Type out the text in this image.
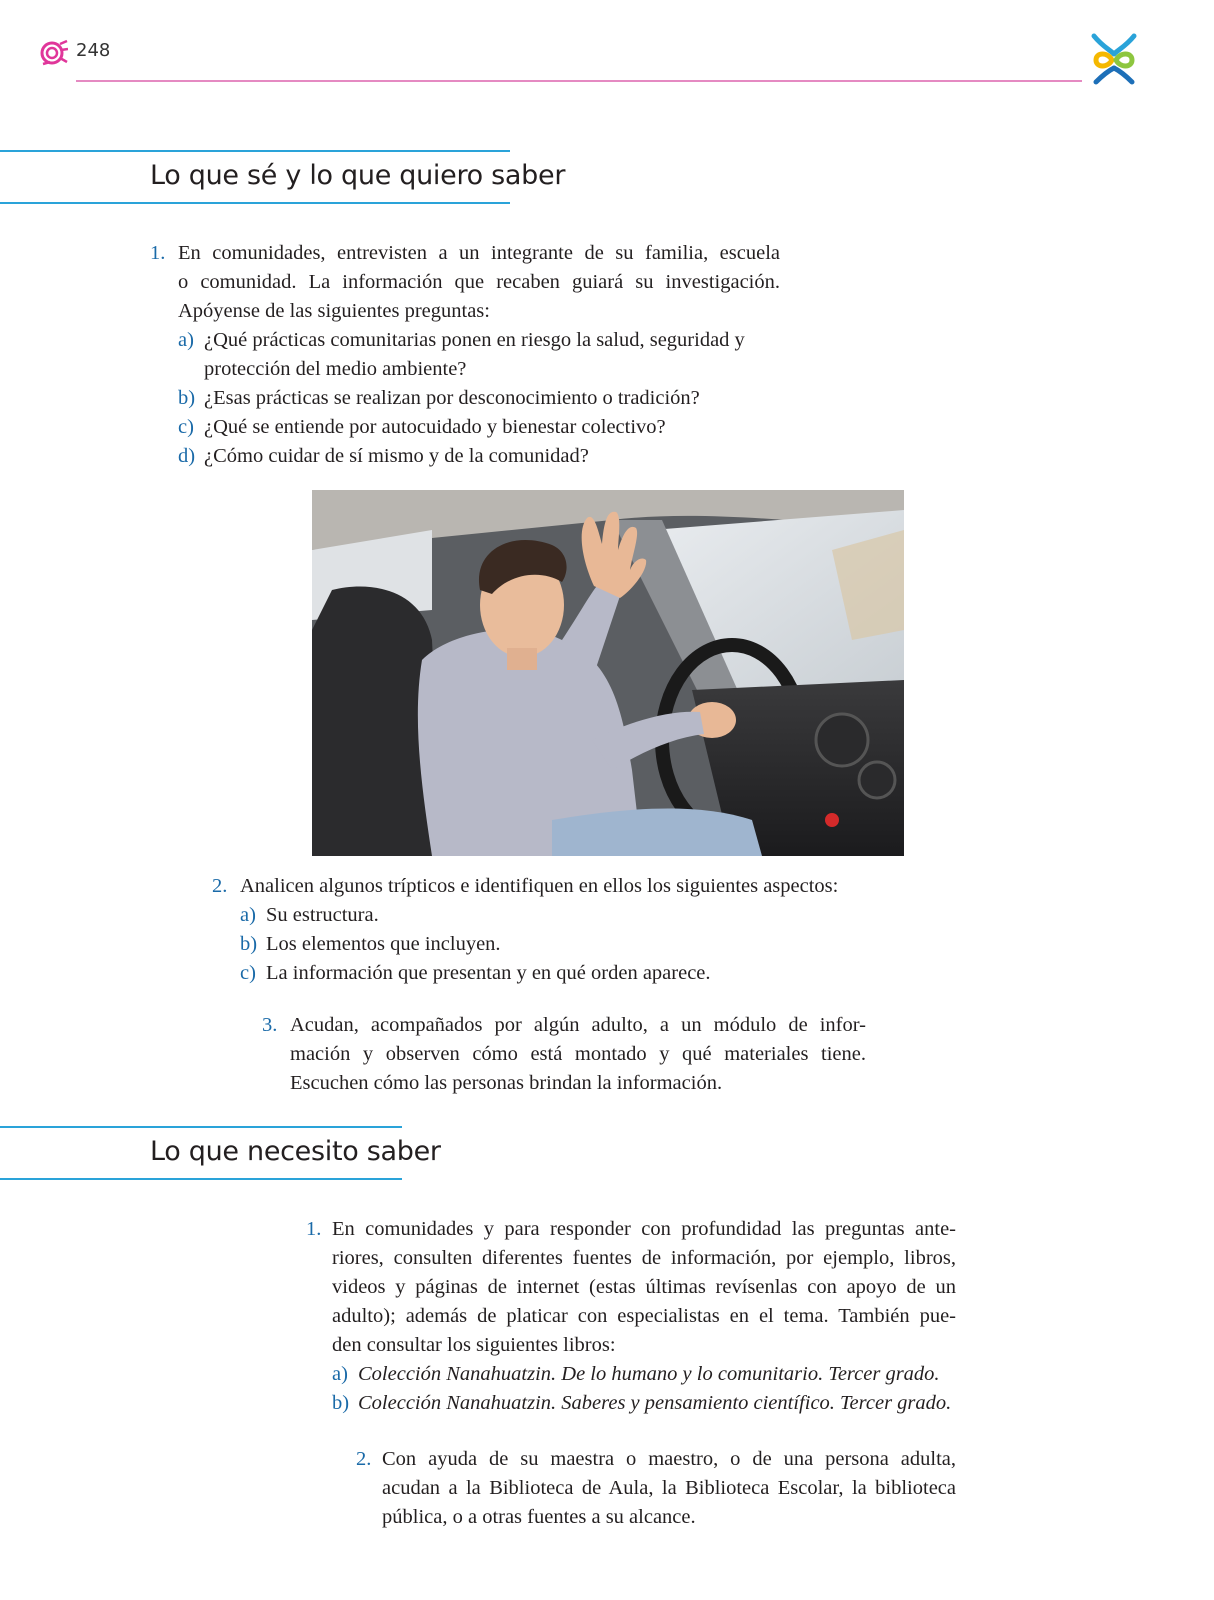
248
Lo que sé y lo que quiero saber
1. En comunidades, entrevisten a un integrante de su familia, escuela
o comunidad. La información que recaben guiará su investigación.
Apóyense de las siguientes preguntas:
a) ¿Qué prácticas comunitarias ponen en riesgo la salud, seguridad y
protección del medio ambiente?
b) ¿Esas prácticas se realizan por desconocimiento o tradición?
c) ¿Qué se entiende por autocuidado y bienestar colectivo?
d) ¿Cómo cuidar de sí mismo y de la comunidad?
2. Analicen algunos trípticos e identifiquen en ellos los siguientes aspectos:
a) Su estructura.
b) Los elementos que incluyen.
c) La información que presentan y en qué orden aparece.
3. Acudan, acompañados por algún adulto, a un módulo de infor-
mación y observen cómo está montado y qué materiales tiene.
Escuchen cómo las personas brindan la información.
Lo que necesito saber
1. En comunidades y para responder con profundidad las preguntas ante-
riores, consulten diferentes fuentes de información, por ejemplo, libros,
videos y páginas de internet (estas últimas revísenlas con apoyo de un
adulto); además de platicar con especialistas en el tema. También pue-
den consultar los siguientes libros:
a) Colección Nanahuatzin. De lo humano y lo comunitario. Tercer grado.
b) Colección Nanahuatzin. Saberes y pensamiento científico. Tercer grado.
2. Con ayuda de su maestra o maestro, o de una persona adulta,
acudan a la Biblioteca de Aula, la Biblioteca Escolar, la biblioteca
pública, o a otras fuentes a su alcance.
